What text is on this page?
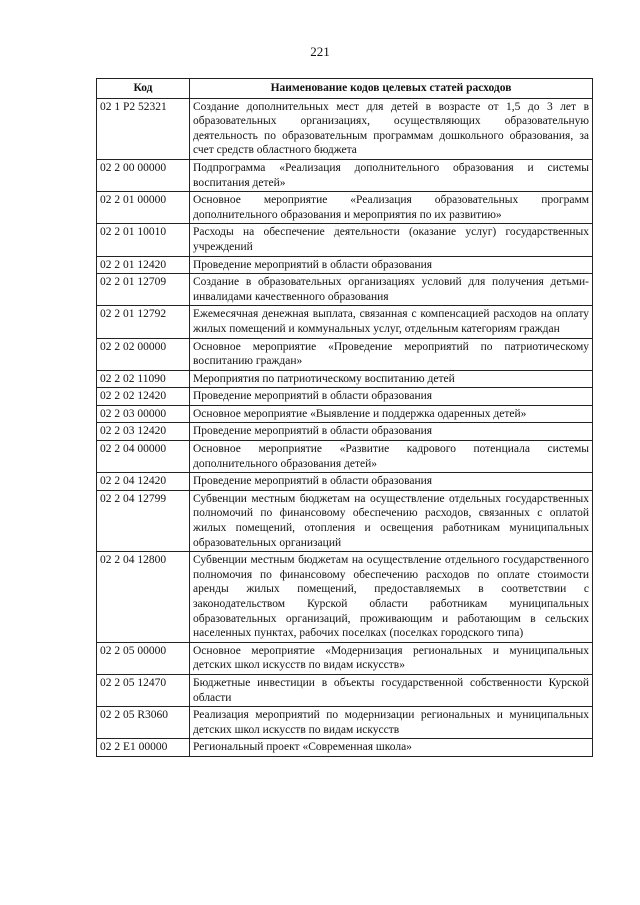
221
Код	Наименование кодов целевых статей расходов
02 1 P2 52321	Создание дополнительных мест для детей в возрасте от 1,5 до 3 лет в образовательных организациях, осуществляющих образовательную деятельность по образовательным программам дошкольного образования, за счет средств областного бюджета
02 2 00 00000	Подпрограмма «Реализация дополнительного образования и системы воспитания детей»
02 2 01 00000	Основное мероприятие «Реализация образовательных программ дополнительного образования и мероприятия по их развитию»
02 2 01 10010	Расходы на обеспечение деятельности (оказание услуг) государственных учреждений
02 2 01 12420	Проведение мероприятий в области образования
02 2 01 12709	Создание в образовательных организациях условий для получения детьми-инвалидами качественного образования
02 2 01 12792	Ежемесячная денежная выплата, связанная с компенсацией расходов на оплату жилых помещений и коммунальных услуг, отдельным категориям граждан
02 2 02 00000	Основное мероприятие «Проведение мероприятий по патриотическому воспитанию граждан»
02 2 02 11090	Мероприятия по патриотическому воспитанию детей
02 2 02 12420	Проведение мероприятий в области образования
02 2 03 00000	Основное мероприятие «Выявление и поддержка одаренных детей»
02 2 03 12420	Проведение мероприятий в области образования
02 2 04 00000	Основное мероприятие «Развитие кадрового потенциала системы дополнительного образования детей»
02 2 04 12420	Проведение мероприятий в области образования
02 2 04 12799	Субвенции местным бюджетам на осуществление отдельных государственных полномочий по финансовому обеспечению расходов, связанных с оплатой жилых помещений, отопления и освещения работникам муниципальных образовательных организаций
02 2 04 12800	Субвенции местным бюджетам на осуществление отдельного государственного полномочия по финансовому обеспечению расходов по оплате стоимости аренды жилых помещений, предоставляемых в соответствии с законодательством Курской области работникам муниципальных образовательных организаций, проживающим и работающим в сельских населенных пунктах, рабочих поселках (поселках городского типа)
02 2 05 00000	Основное мероприятие «Модернизация региональных и муниципальных детских школ искусств по видам искусств»
02 2 05 12470	Бюджетные инвестиции в объекты государственной собственности Курской области
02 2 05 R3060	Реализация мероприятий по модернизации региональных и муниципальных детских школ искусств по видам искусств
02 2 E1 00000	Региональный проект «Современная школа»
